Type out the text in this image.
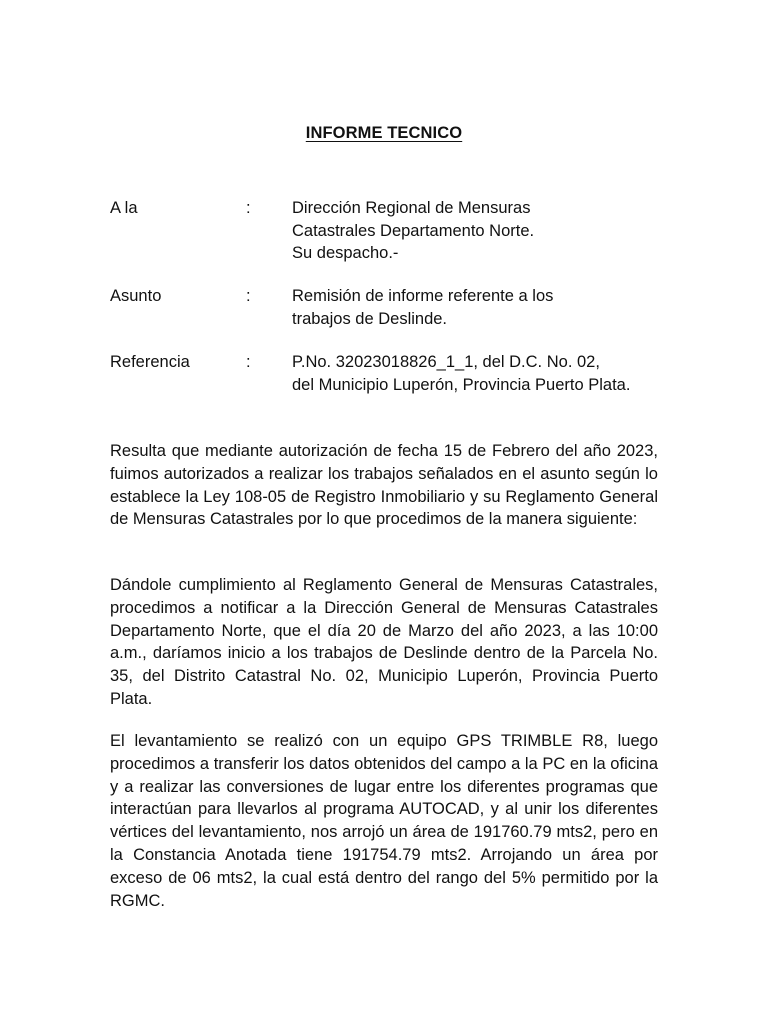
INFORME TECNICO
A la	:	Dirección Regional de Mensuras
Catastrales Departamento Norte.
Su despacho.-
Asunto	:	Remisión de informe referente a los
trabajos de Deslinde.
Referencia	:	P.No. 32023018826_1_1, del D.C. No. 02,
del Municipio Luperón, Provincia Puerto Plata.

Resulta que mediante autorización de fecha 15 de Febrero del año 2023, fuimos autorizados a realizar los trabajos señalados en el asunto según lo establece la Ley 108-05 de Registro Inmobiliario y su Reglamento General de Mensuras Catastrales por lo que procedimos de la manera siguiente:

Dándole cumplimiento al Reglamento General de Mensuras Catastrales, procedimos a notificar a la Dirección General de Mensuras Catastrales Departamento Norte, que el día 20 de Marzo del año 2023, a las 10:00 a.m., daríamos inicio a los trabajos de Deslinde dentro de la Parcela No. 35, del Distrito Catastral No. 02, Municipio Luperón, Provincia Puerto Plata.

El levantamiento se realizó con un equipo GPS TRIMBLE R8, luego procedimos a transferir los datos obtenidos del campo a la PC en la oficina y a realizar las conversiones de lugar entre los diferentes programas que interactúan para llevarlos al programa AUTOCAD, y al unir los diferentes vértices del levantamiento, nos arrojó un área de 191760.79 mts2, pero en la Constancia Anotada tiene 191754.79 mts2. Arrojando un área por exceso de 06 mts2, la cual está dentro del rango del 5% permitido por la RGMC.
